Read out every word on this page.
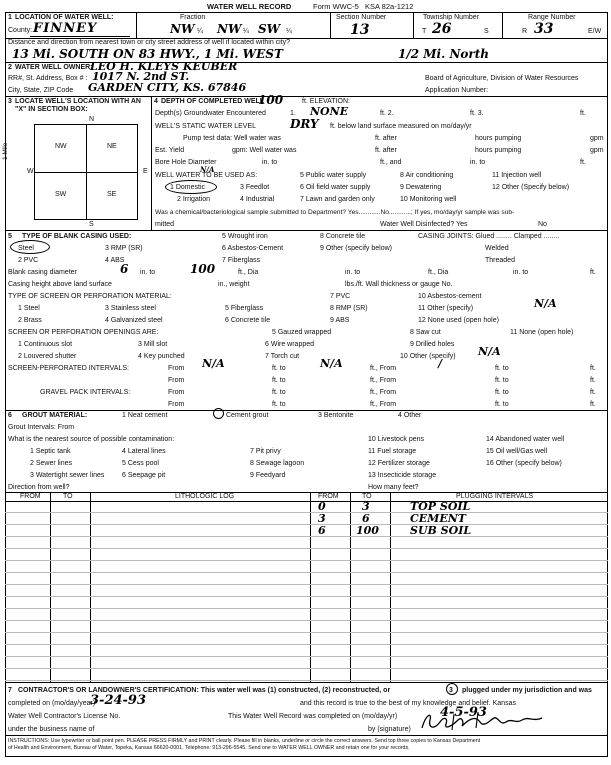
WATER WELL RECORD	Form WWC-5 KSA 82a-1212
1 LOCATION OF WATER WELL:
County: FINNEY
Fraction
NW ¼ NW ¼ SW ¼
Section Number
13
Township Number
T 26	S
Range Number
R 33	E/W
Distance and direction from nearest town or city street address of well if located within city?
13 Mi. SOUTH ON 83 HWY., 1 Mi. WEST	1/2 Mi. North
2 WATER WELL OWNER:
LEO H. KLEYS KEUBER
RR#, St. Address, Box # : 1017 N. 2nd ST.
City, State, ZIP Code GARDEN CITY, KS. 67846
Board of Agriculture, Division of Water Resources
Application Number:
3 LOCATE WELL'S LOCATION WITH AN "X" IN SECTION BOX:
N
S
W	E
1 Mile	NW	NE
SW	SE
4 DEPTH OF COMPLETED WELL
100	ft. ELEVATION:
Depth(s) Groundwater Encountered	1. NONE	ft. 2.	ft. 3.	ft.
WELL'S STATIC WATER LEVEL	DRY ft. below land surface measured on mo/day/yr
Pump test data: Well water was	ft. after	hours pumping	gpm
Est. Yield	gpm: Well water was	ft. after	hours pumping	gpm
Bore Hole Diameter	in. to	ft., and	in. to	ft.
WELL WATER TO BE USED AS:
N/A
5 Public water supply	8 Air conditioning	11 Injection well
1 Domestic	3 Feedlot	6 Oil field water supply	9 Dewatering	12 Other (Specify below)
2 Irrigation	4 Industrial	7 Lawn and garden only	10 Monitoring well
Was a chemical/bacteriological sample submitted to Department? Yes............No............; If yes, mo/day/yr sample was sub-
mitted	Water Well Disinfected? Yes	No
5 TYPE OF BLANK CASING USED:
Steel	3 RMP (SR)
5 Wrought iron
6 Asbestos-Cement
7 Fiberglass
8 Concrete tile
9 Other (specify below)
CASING JOINTS: Glued ........ Clamped ........
Welded
Threaded
2 PVC	4 ABS
Blank casing diameter	6 in. to	100	ft., Dia	in. to	ft., Dia	in. to	ft.
Casing height above land surface	in., weight	lbs./ft. Wall thickness or gauge No.
TYPE OF SCREEN OR PERFORATION MATERIAL:	7 PVC	10 Asbestos-cement
1 Steel	3 Stainless steel	5 Fiberglass	8 RMP (SR)	11 Other (specify)	N/A
2 Brass	4 Galvanized steel	6 Concrete tile	9 ABS	12 None used (open hole)
SCREEN OR PERFORATION OPENINGS ARE:	5 Gauzed wrapped	8 Saw cut	11 None (open hole)
1 Continuous slot	3 Mill slot	6 Wire wrapped	9 Drilled holes
2 Louvered shutter	4 Key punched	7 Torch cut	10 Other (specify) N/A
SCREEN-PERFORATED INTERVALS:	From N/A	ft. to	N/A	ft., From	/	ft. to	ft.
From	ft. to	ft., From	ft. to	ft.
GRAVEL PACK INTERVALS:	From	ft. to	ft., From	ft. to	ft.
From	ft. to	ft., From	ft. to	ft.
6 GROUT MATERIAL:	1 Neat cement	Cement grout	3 Bentonite	4 Other
Grout Intervals: From
What is the nearest source of possible contamination:	10 Livestock pens	14 Abandoned water well
1 Septic tank	4 Lateral lines	7 Pit privy	11 Fuel storage	15 Oil well/Gas well
2 Sewer lines	5 Cess pool	8 Sewage lagoon	12 Fertilizer storage	16 Other (specify below)
3 Watertight sewer lines	6 Seepage pit	9 Feedyard	13 Insecticide storage
Direction from well?	How many feet?
FROM	TO	LITHOLOGIC LOG	FROM	TO	PLUGGING INTERVALS
0	3	TOP SOIL
3	6	CEMENT
6	100	SUB SOIL
7 CONTRACTOR'S OR LANDOWNER'S CERTIFICATION: This water well was (1) constructed, (2) reconstructed, or	3 plugged under my jurisdiction and was
completed on (mo/day/year)
3-24-93	and this record is true to the best of my knowledge and belief. Kansas
Water Well Contractor's License No.	This Water Well Record was completed on (mo/day/yr)	4-5-93
under the business name of	by (signature)
INSTRUCTIONS: Use typewriter or ball point pen. PLEASE PRESS FIRMLY and PRINT clearly. Please fill in blanks, underline or circle the correct answers. Send top three copies to Kansas Department
of Health and Environment, Bureau of Water, Topeka, Kansas 66620-0001. Telephone: 913-296-5545. Send one to WATER WELL OWNER and retain one for your records.
